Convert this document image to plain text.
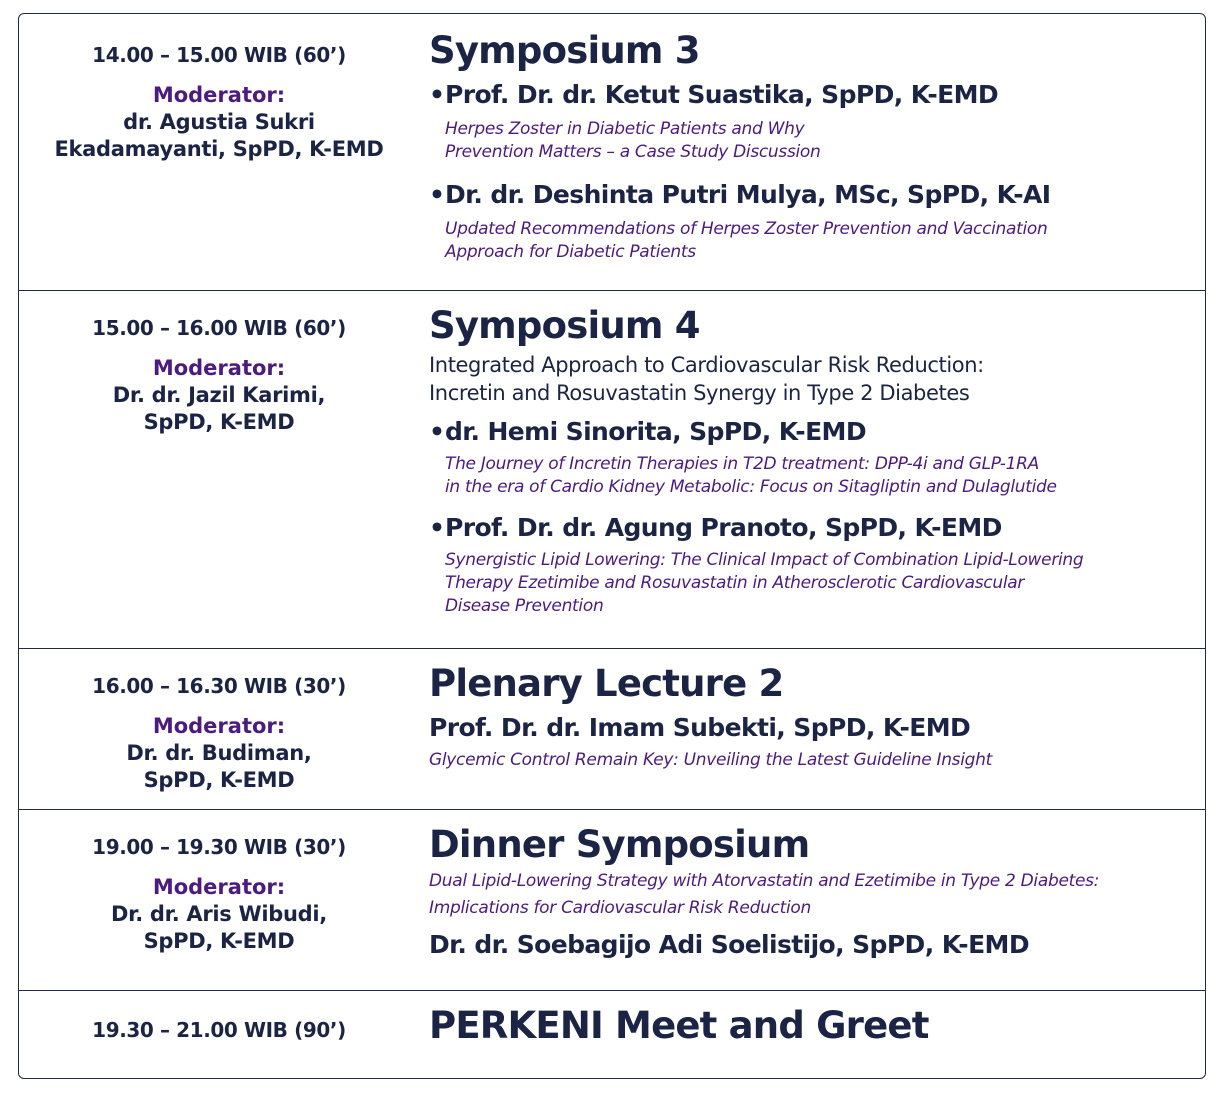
14.00 – 15.00 WIB (60’)
Moderator:
dr. Agustia Sukri
Ekadamayanti, SpPD, K-EMD
Symposium 3
•Prof. Dr. dr. Ketut Suastika, SpPD, K-EMD
Herpes Zoster in Diabetic Patients and Why
Prevention Matters – a Case Study Discussion
•Dr. dr. Deshinta Putri Mulya, MSc, SpPD, K-AI
Updated Recommendations of Herpes Zoster Prevention and Vaccination
Approach for Diabetic Patients
15.00 – 16.00 WIB (60’)
Moderator:
Dr. dr. Jazil Karimi,
SpPD, K-EMD
Symposium 4
Integrated Approach to Cardiovascular Risk Reduction:
Incretin and Rosuvastatin Synergy in Type 2 Diabetes
•dr. Hemi Sinorita, SpPD, K-EMD
The Journey of Incretin Therapies in T2D treatment: DPP-4i and GLP-1RA
in the era of Cardio Kidney Metabolic: Focus on Sitagliptin and Dulaglutide
•Prof. Dr. dr. Agung Pranoto, SpPD, K-EMD
Synergistic Lipid Lowering: The Clinical Impact of Combination Lipid-Lowering
Therapy Ezetimibe and Rosuvastatin in Atherosclerotic Cardiovascular
Disease Prevention
16.00 – 16.30 WIB (30’)
Moderator:
Dr. dr. Budiman,
SpPD, K-EMD
Plenary Lecture 2
Prof. Dr. dr. Imam Subekti, SpPD, K-EMD
Glycemic Control Remain Key: Unveiling the Latest Guideline Insight
19.00 – 19.30 WIB (30’)
Moderator:
Dr. dr. Aris Wibudi,
SpPD, K-EMD
Dinner Symposium
Dual Lipid-Lowering Strategy with Atorvastatin and Ezetimibe in Type 2 Diabetes:
Implications for Cardiovascular Risk Reduction
Dr. dr. Soebagijo Adi Soelistijo, SpPD, K-EMD
19.30 – 21.00 WIB (90’)	PERKENI Meet and Greet
